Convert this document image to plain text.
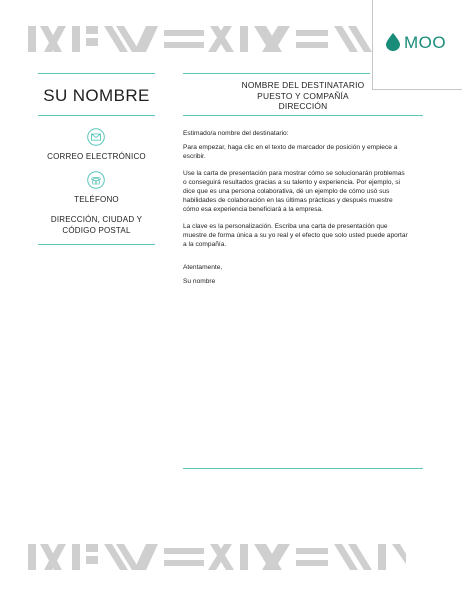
MOO
SU NOMBRE
CORREO ELECTRÓNICO
TELÉFONO
DIRECCIÓN, CIUDAD Y
CÓDIGO POSTAL
NOMBRE DEL DESTINATARIO
PUESTO Y COMPAÑÍA
DIRECCIÓN

Estimado/a nombre del destinatario:

Para empezar, haga clic en el texto de marcador de posición y empiece a escribir.

Use la carta de presentación para mostrar cómo se solucionarán problemas o conseguirá resultados gracias a su talento y experiencia. Por ejemplo, si dice que es una persona colaborativa, dé un ejemplo de cómo usó sus habilidades de colaboración en las últimas prácticas y después muestre cómo esa experiencia beneficiará a la empresa.

La clave es la personalización. Escriba una carta de presentación que muestre de forma única a su yo real y el efecto que solo usted puede aportar a la compañía.

Atentamente,

Su nombre
